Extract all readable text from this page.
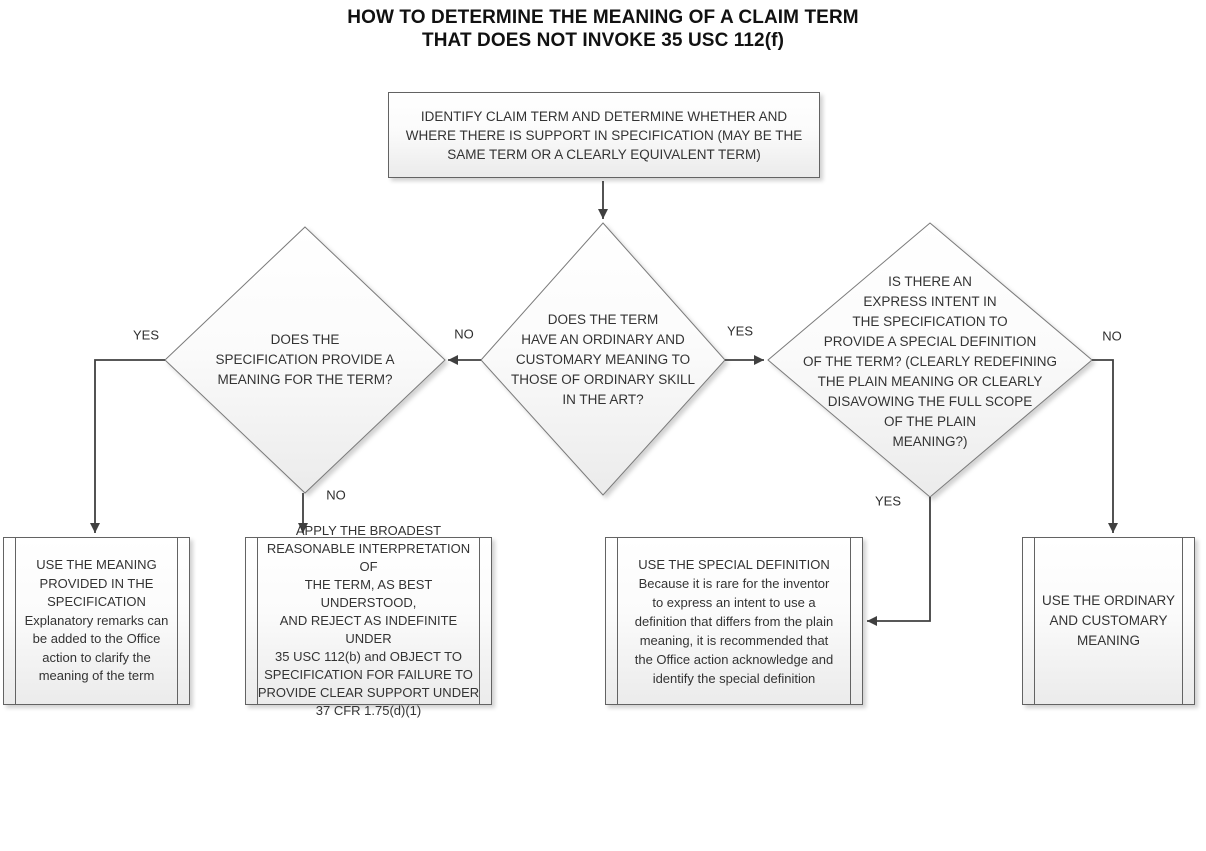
HOW TO DETERMINE THE MEANING OF A CLAIM TERM
THAT DOES NOT INVOKE 35 USC 112(f)
IDENTIFY CLAIM TERM AND DETERMINE WHETHER AND
WHERE THERE IS SUPPORT IN SPECIFICATION (MAY BE THE
SAME TERM OR A CLEARLY EQUIVALENT TERM)
DOES THE
SPECIFICATION PROVIDE A
MEANING FOR THE TERM?
DOES THE TERM
HAVE AN ORDINARY AND
CUSTOMARY MEANING TO
THOSE OF ORDINARY SKILL
IN THE ART?
IS THERE AN
EXPRESS INTENT IN
THE SPECIFICATION TO
PROVIDE A SPECIAL DEFINITION
OF THE TERM? (CLEARLY REDEFINING
THE PLAIN MEANING OR CLEARLY
DISAVOWING THE FULL SCOPE
OF THE PLAIN
MEANING?)
USE THE MEANING
PROVIDED IN THE
SPECIFICATION
Explanatory remarks can
be added to the Office
action to clarify the
meaning of the term
APPLY THE BROADEST
REASONABLE INTERPRETATION OF
THE TERM, AS BEST UNDERSTOOD,
AND REJECT AS INDEFINITE UNDER
35 USC 112(b) and OBJECT TO
SPECIFICATION FOR FAILURE TO
PROVIDE CLEAR SUPPORT UNDER
37 CFR 1.75(d)(1)
USE THE SPECIAL DEFINITION
Because it is rare for the inventor
to express an intent to use a
definition that differs from the plain
meaning, it is recommended that
the Office action acknowledge and
identify the special definition
USE THE ORDINARY
AND CUSTOMARY
MEANING
YES	NO	YES	NO
NO	YES
